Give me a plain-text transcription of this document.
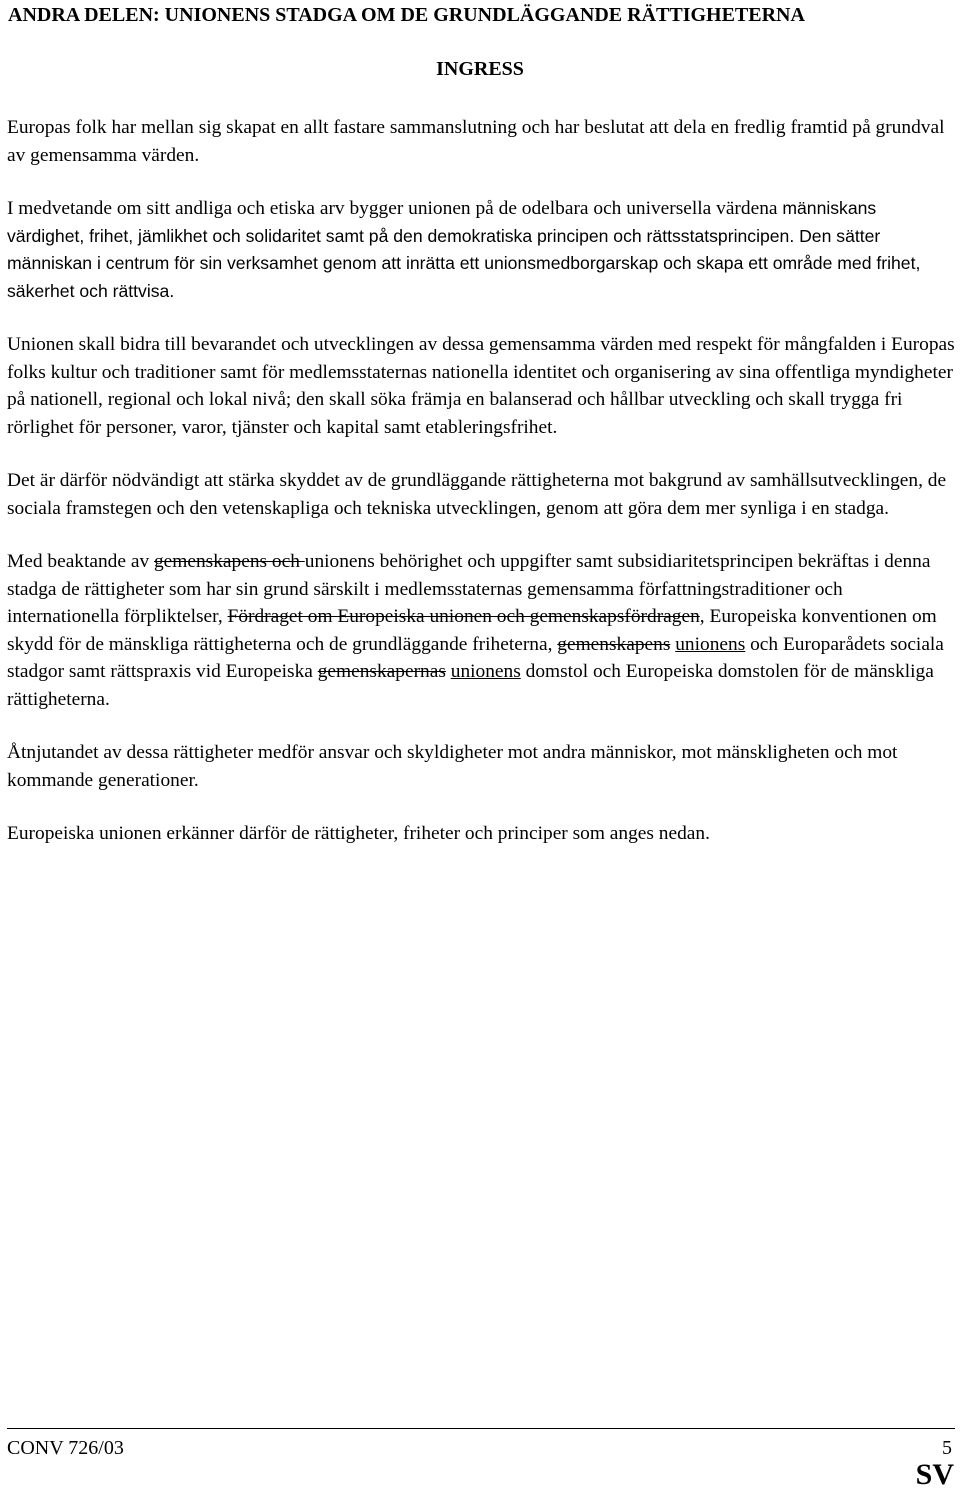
ANDRA DELEN: UNIONENS STADGA OM DE GRUNDLÄGGANDE RÄTTIGHETERNA
INGRESS

Europas folk har mellan sig skapat en allt fastare sammanslutning och har beslutat att dela en fredlig framtid på grundval av gemensamma värden.

I medvetande om sitt andliga och etiska arv bygger unionen på de odelbara och universella värdena människans värdighet, frihet, jämlikhet och solidaritet samt på den demokratiska principen och rättsstatsprincipen. Den sätter människan i centrum för sin verksamhet genom att inrätta ett unionsmedborgarskap och skapa ett område med frihet, säkerhet och rättvisa.

Unionen skall bidra till bevarandet och utvecklingen av dessa gemensamma värden med respekt för mångfalden i Europas folks kultur och traditioner samt för medlemsstaternas nationella identitet och organisering av sina offentliga myndigheter på nationell, regional och lokal nivå; den skall söka främja en balanserad och hållbar utveckling och skall trygga fri rörlighet för personer, varor, tjänster och kapital samt etableringsfrihet.

Det är därför nödvändigt att stärka skyddet av de grundläggande rättigheterna mot bakgrund av samhällsutvecklingen, de sociala framstegen och den vetenskapliga och tekniska utvecklingen, genom att göra dem mer synliga i en stadga.

Med beaktande av gemenskapens och unionens behörighet och uppgifter samt subsidiaritetsprincipen bekräftas i denna stadga de rättigheter som har sin grund särskilt i medlemsstaternas gemensamma författningstraditioner och internationella förpliktelser, Fördraget om Europeiska unionen och gemenskapsfördragen, Europeiska konventionen om skydd för de mänskliga rättigheterna och de grundläggande friheterna, gemenskapens unionens och Europarådets sociala stadgor samt rättspraxis vid Europeiska gemenskapernas unionens domstol och Europeiska domstolen för de mänskliga rättigheterna.

Åtnjutandet av dessa rättigheter medför ansvar och skyldigheter mot andra människor, mot mänskligheten och mot kommande generationer.

Europeiska unionen erkänner därför de rättigheter, friheter och principer som anges nedan.

CONV 726/03	5
SV
